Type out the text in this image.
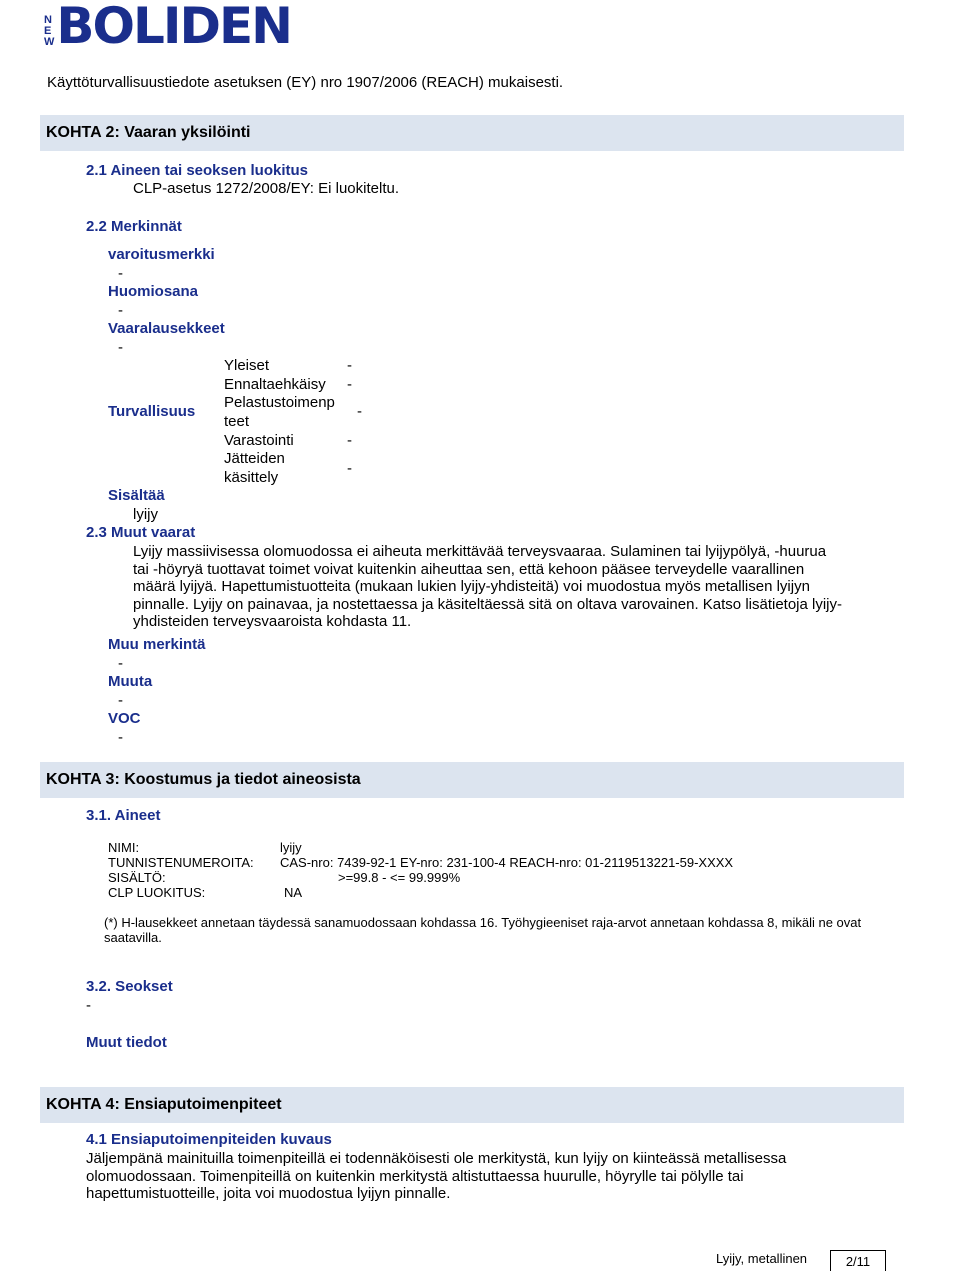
N
E
W BOLIDEN
Käyttöturvallisuustiedote asetuksen (EY) nro 1907/2006 (REACH) mukaisesti.
KOHTA 2: Vaaran yksilöinti
2.1 Aineen tai seoksen luokitus
CLP-asetus 1272/2008/EY: Ei luokiteltu.
2.2 Merkinnät
varoitusmerkki
-
Huomiosana
-
Vaaralausekkeet
-
Turvallisuus
Yleiset	-
Ennaltaehkäisy -
Pelastustoimenp
teet
-
Varastointi	-
Jätteiden
käsittely
-
Sisältää
lyijy
2.3 Muut vaarat
Lyijy massiivisessa olomuodossa ei aiheuta merkittävää terveysvaaraa. Sulaminen tai lyijypölyä, -huurua
tai -höyryä tuottavat toimet voivat kuitenkin aiheuttaa sen, että kehoon pääsee terveydelle vaarallinen
määrä lyijyä. Hapettumistuotteita (mukaan lukien lyijy-yhdisteitä) voi muodostua myös metallisen lyijyn
pinnalle. Lyijy on painavaa, ja nostettaessa ja käsiteltäessä sitä on oltava varovainen. Katso lisätietoja lyijy-
yhdisteiden terveysvaaroista kohdasta 11.
Muu merkintä
-
Muuta
-
VOC
-
KOHTA 3: Koostumus ja tiedot aineosista
3.1. Aineet
NIMI:	lyijy
TUNNISTENUMEROITA: CAS-nro: 7439-92-1 EY-nro: 231-100-4 REACH-nro: 01-2119513221-59-XXXX
SISÄLTÖ:	>=99.8 - <= 99.999%
CLP LUOKITUS:	NA
(*) H-lausekkeet annetaan täydessä sanamuodossaan kohdassa 16. Työhygieeniset raja-arvot annetaan kohdassa 8, mikäli ne ovat
saatavilla.
3.2. Seokset
-
Muut tiedot
KOHTA 4: Ensiaputoimenpiteet
4.1 Ensiaputoimenpiteiden kuvaus
Jäljempänä mainituilla toimenpiteillä ei todennäköisesti ole merkitystä, kun lyijy on kiinteässä metallisessa
olomuodossaan. Toimenpiteillä on kuitenkin merkitystä altistuttaessa huurulle, höyrylle tai pölylle tai
hapettumistuotteille, joita voi muodostua lyijyn pinnalle.
Lyijy, metallinen	2/11
